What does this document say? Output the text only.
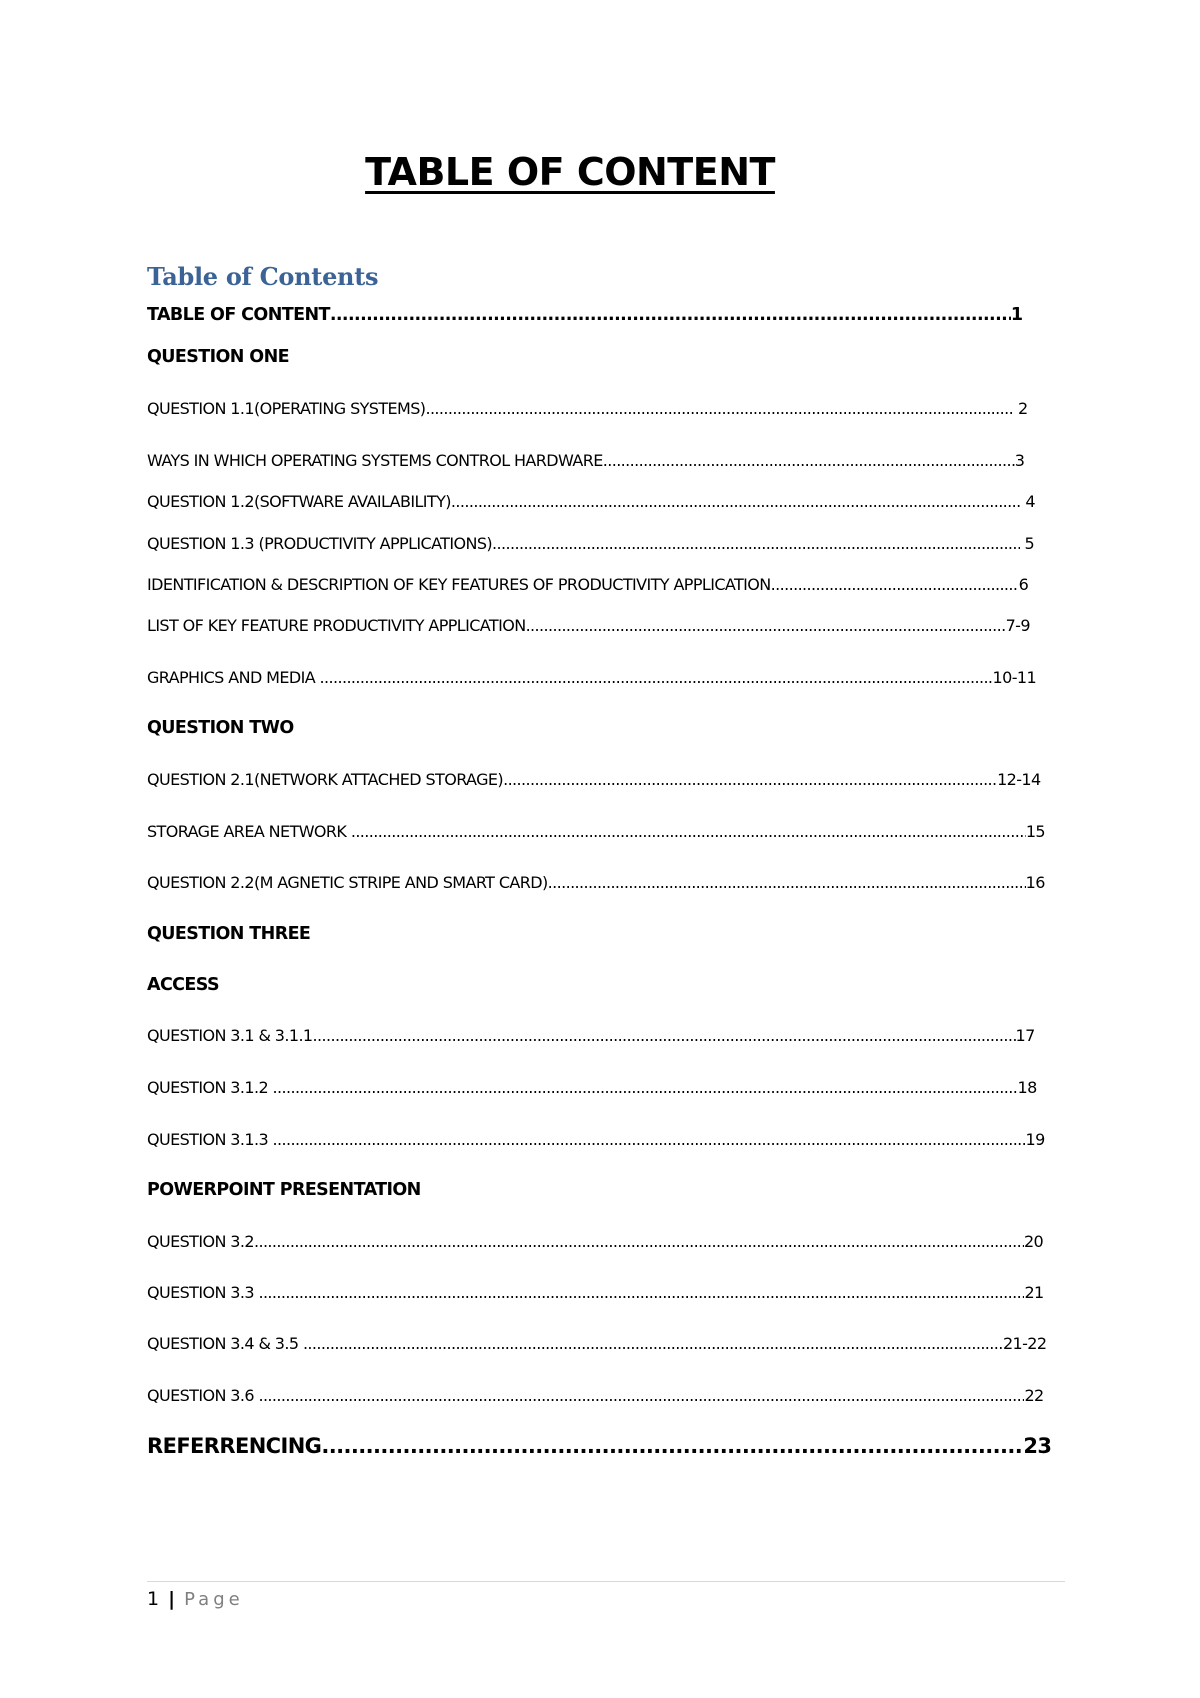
TABLE OF CONTENT
Table of Contents
TABLE OF CONTENT .....	1
QUESTION ONE
QUESTION 1.1(OPERATING SYSTEMS) .....	2
WAYS IN WHICH OPERATING SYSTEMS CONTROL HARDWARE .....	3
QUESTION 1.2(SOFTWARE AVAILABILITY) .....	4
QUESTION 1.3 (PRODUCTIVITY APPLICATIONS) .....	5
IDENTIFICATION & DESCRIPTION OF KEY FEATURES OF PRODUCTIVITY APPLICATION .....	6
LIST OF KEY FEATURE PRODUCTIVITY APPLICATION .....	7-9
GRAPHICS AND MEDIA .....	10-11
QUESTION TWO
QUESTION 2.1(NETWORK ATTACHED STORAGE) .....	12-14
STORAGE AREA NETWORK .....	15
QUESTION 2.2(M AGNETIC STRIPE AND SMART CARD) .....	16
QUESTION THREE
ACCESS
QUESTION 3.1 & 3.1.1 .....	17
QUESTION 3.1.2 .....	18
QUESTION 3.1.3 .....	19
POWERPOINT PRESENTATION
QUESTION 3.2 .....	20
QUESTION 3.3 .....	21
QUESTION 3.4 & 3.5 .....	21-22
QUESTION 3.6 .....	22
REFERRENCING .....	23
1 | Page
